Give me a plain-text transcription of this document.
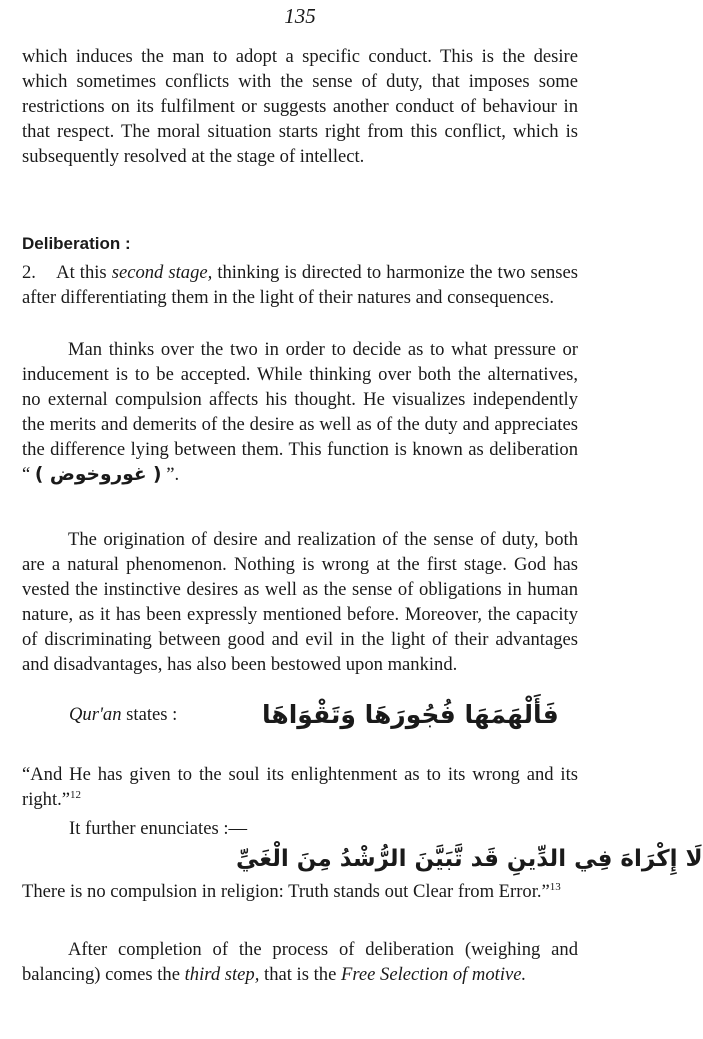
135

which induces the man to adopt a specific conduct. This is the desire which sometimes conflicts with the sense of duty, that imposes some restrictions on its fulfilment or suggests another conduct of behaviour in that respect. The moral situation starts right from this conflict, which is subsequently resolved at the stage of intellect.

Deliberation :

2.    At this second stage, thinking is directed to harmonize the two senses after differentiating them in the light of their natures and consequences.

Man thinks over the two in order to decide as to what pressure or inducement is to be accepted. While thinking over both the alternatives, no external compulsion affects his thought. He visualizes independently the merits and demerits of the desire as well as of the duty and appreciates the difference lying between them. This function is known as deliberation “ ( غوروخوض ) ”.

The origination of desire and realization of the sense of duty, both are a natural phenomenon. Nothing is wrong at the first stage. God has vested the instinctive desires as well as the sense of obligations in human nature, as it has been expressly mentioned before. Moreover, the capacity of discriminating between good and evil in the light of their advantages and disadvantages, has also been bestowed upon mankind.

Qur'an states :	فَأَلْهَمَهَا فُجُورَهَا وَتَقْوَاهَا

“And He has given to the soul its enlightenment as to its wrong and its right.”$^{12}$

It further enunciates :—
لَا إِكْرَاهَ فِي الدِّينِ قَد تَّبَيَّنَ الرُّشْدُ مِنَ الْغَيِّ

There is no compulsion in religion: Truth stands out Clear from Error.”$^{13}$

After completion of the process of deliberation (weighing and balancing) comes the third step, that is the Free Selection of motive.
